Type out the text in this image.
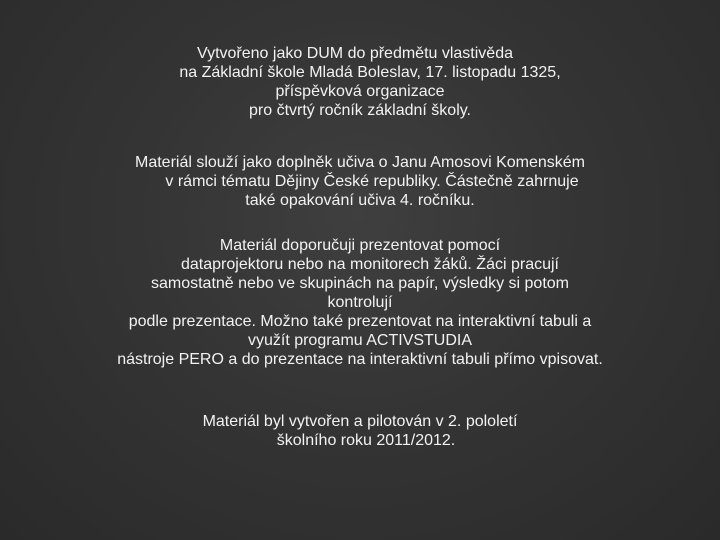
Vytvořeno jako DUM do předmětu vlastivěda
na Základní škole Mladá Boleslav, 17. listopadu 1325,
příspěvková organizace
pro čtvrtý ročník základní školy.
Materiál slouží jako doplněk učiva o Janu Amosovi Komenském
v rámci tématu Dějiny České republiky. Částečně zahrnuje
také opakování učiva 4. ročníku.
Materiál doporučuji prezentovat pomocí
dataprojektoru nebo na monitorech žáků. Žáci pracují
samostatně nebo ve skupinách na papír, výsledky si potom
kontrolují
podle prezentace. Možno také prezentovat na interaktivní tabuli a
využít programu ACTIVSTUDIA
nástroje PERO a do prezentace na interaktivní tabuli přímo vpisovat.
Materiál byl vytvořen a pilotován v 2. pololetí
školního roku 2011/2012.
